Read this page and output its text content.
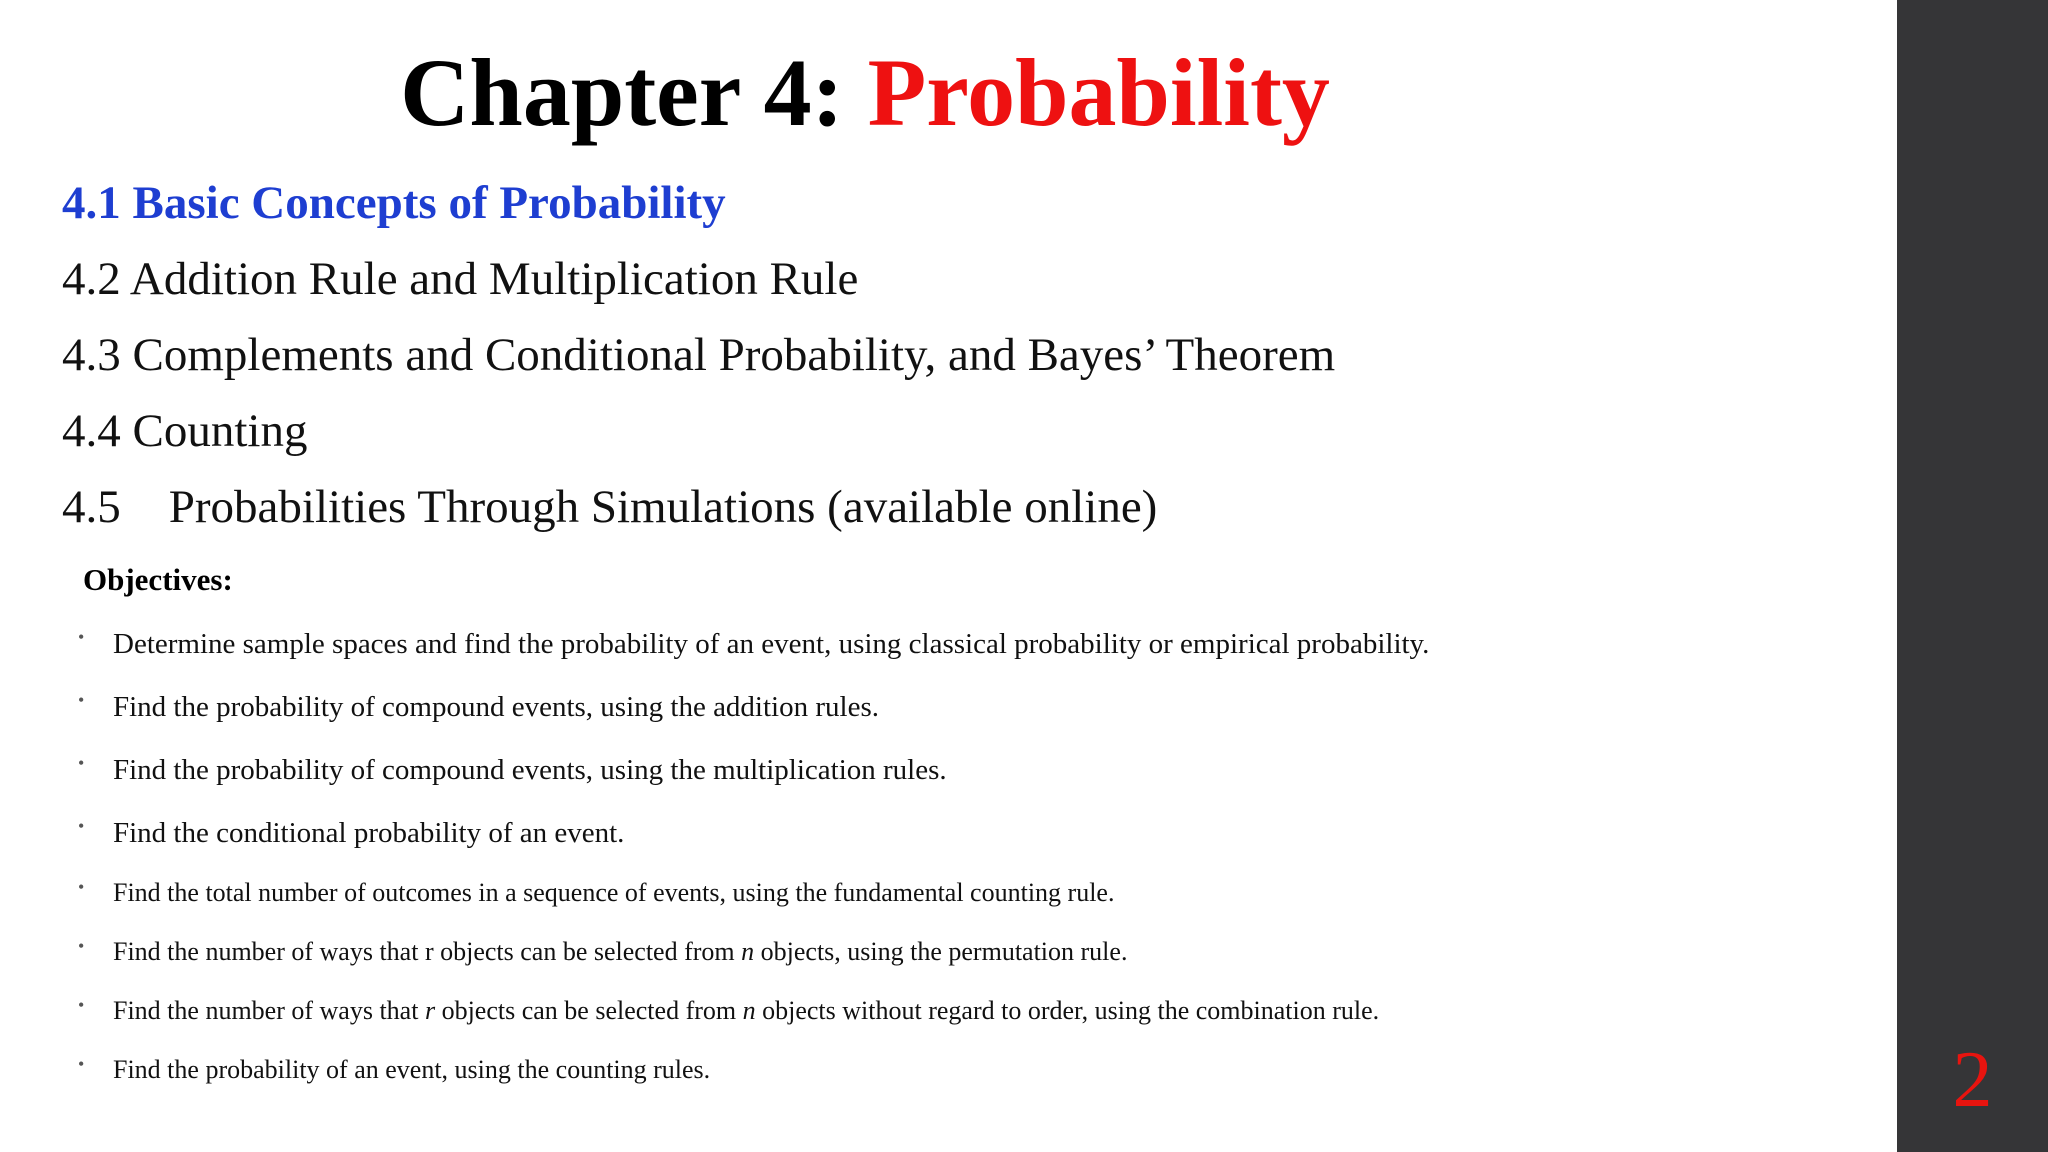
Chapter 4: Probability
4.1 Basic Concepts of Probability
4.2 Addition Rule and Multiplication Rule
4.3 Complements and Conditional Probability, and Bayes’ Theorem
4.4 Counting
4.5 Probabilities Through Simulations (available online)
Objectives:
• Determine sample spaces and find the probability of an event, using classical probability or empirical probability.
• Find the probability of compound events, using the addition rules.
• Find the probability of compound events, using the multiplication rules.
• Find the conditional probability of an event.
• Find the total number of outcomes in a sequence of events, using the fundamental counting rule.
• Find the number of ways that r objects can be selected from n objects, using the permutation rule.
• Find the number of ways that r objects can be selected from n objects without regard to order, using the combination rule.
• Find the probability of an event, using the counting rules.	2
